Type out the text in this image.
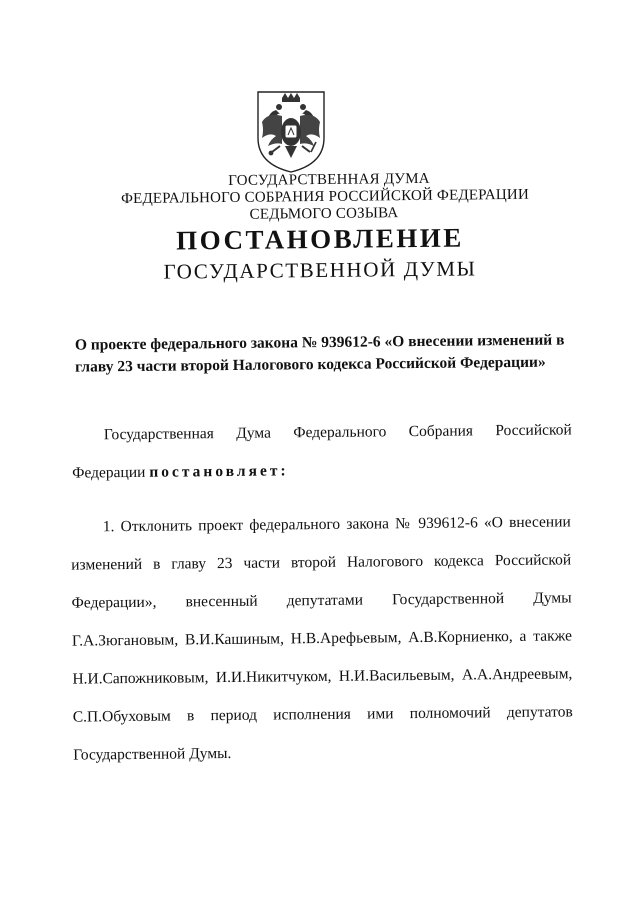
ГОСУДАРСТВЕННАЯ ДУМА
ФЕДЕРАЛЬНОГО СОБРАНИЯ РОССИЙСКОЙ ФЕДЕРАЦИИ
СЕДЬМОГО СОЗЫВА
ПОСТАНОВЛЕНИЕ
ГОСУДАРСТВЕННОЙ ДУМЫ
О проекте федерального закона № 939612-6 «О внесении изменений в
главу 23 части второй Налогового кодекса Российской Федерации»
Государственная Дума Федерального Собрания Российской
Федерации постановляет:
1. Отклонить проект федерального закона № 939612-6 «О внесении
изменений в главу 23 части второй Налогового кодекса Российской
Федерации», внесенный депутатами Государственной Думы
Г.А.Зюгановым, В.И.Кашиным, Н.В.Арефьевым, А.В.Корниенко, а также
Н.И.Сапожниковым, И.И.Никитчуком, Н.И.Васильевым, А.А.Андреевым,
С.П.Обуховым в период исполнения ими полномочий депутатов
Государственной Думы.
